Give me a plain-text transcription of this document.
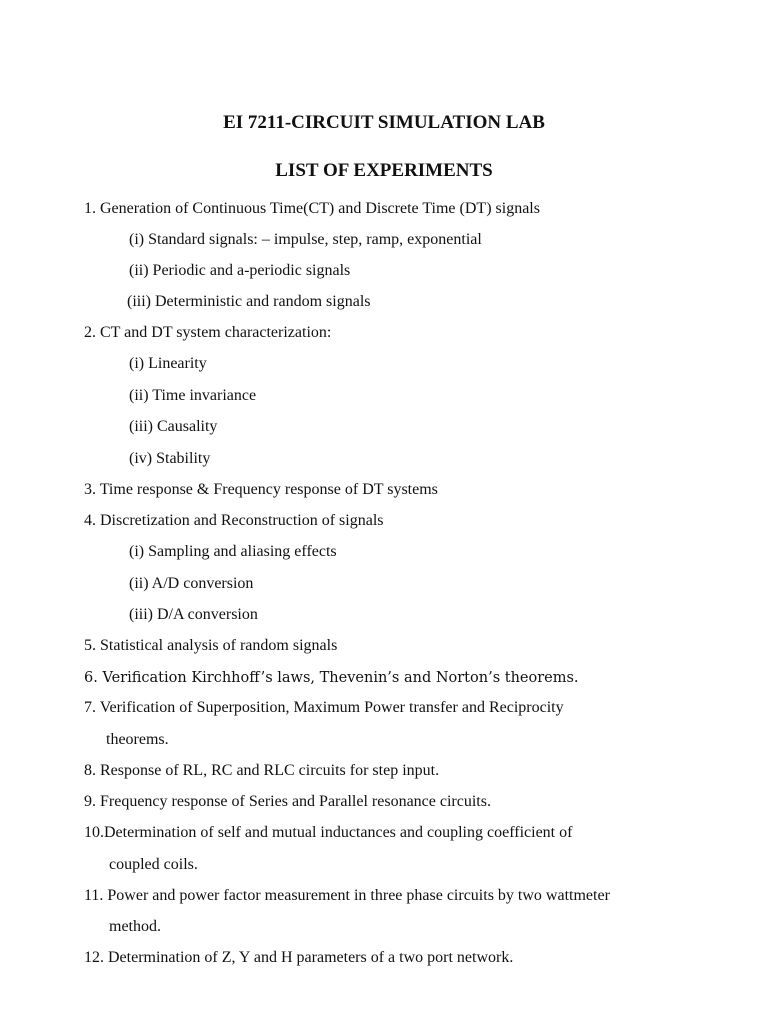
EI 7211-CIRCUIT SIMULATION LAB
LIST OF EXPERIMENTS
1. Generation of Continuous Time(CT) and Discrete Time (DT) signals
(i) Standard signals: – impulse, step, ramp, exponential
(ii) Periodic and a-periodic signals
(iii) Deterministic and random signals
2. CT and DT system characterization:
(i) Linearity
(ii) Time invariance
(iii) Causality
(iv) Stability
3. Time response & Frequency response of DT systems
4. Discretization and Reconstruction of signals
(i) Sampling and aliasing effects
(ii) A/D conversion
(iii) D/A conversion
5. Statistical analysis of random signals
6. Verification Kirchhoff’s laws, Thevenin’s and Norton’s theorems.
7. Verification of Superposition, Maximum Power transfer and Reciprocity
theorems.
8. Response of RL, RC and RLC circuits for step input.
9. Frequency response of Series and Parallel resonance circuits.
10.Determination of self and mutual inductances and coupling coefficient of
coupled coils.
11. Power and power factor measurement in three phase circuits by two wattmeter
method.
12. Determination of Z, Y and H parameters of a two port network.
